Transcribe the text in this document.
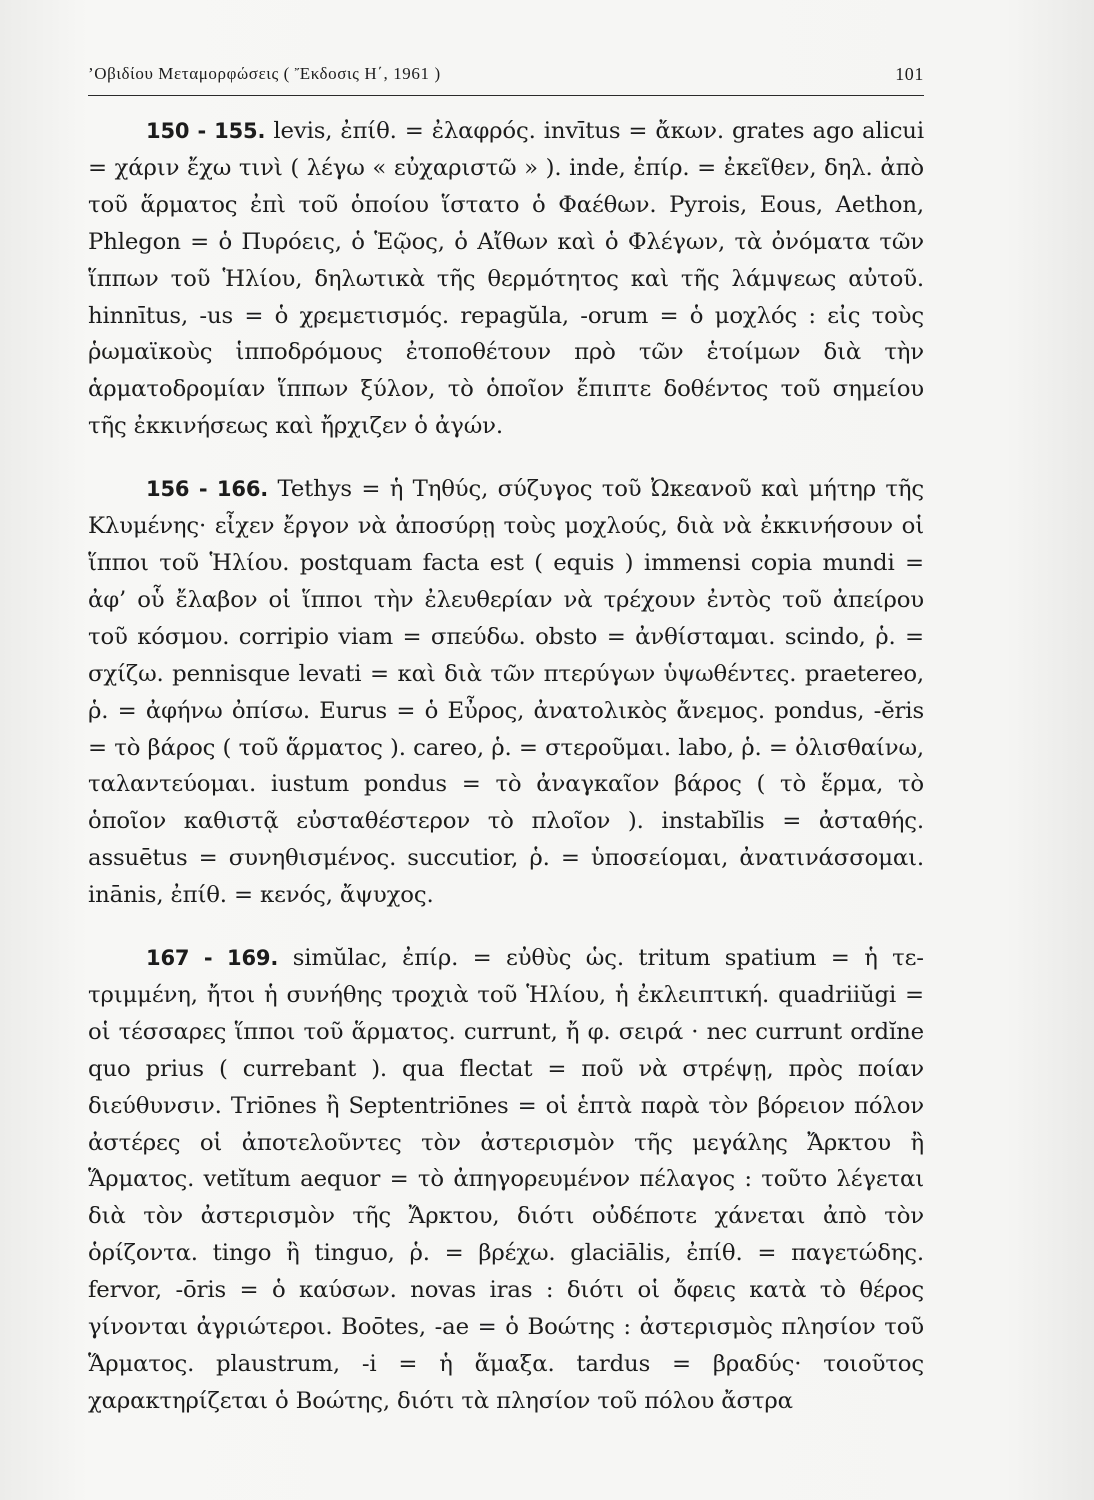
’Οβιδίου Μεταμορφώσεις ( Ἔκδοσις Η΄, 1961 )	101

150 - 155. levis, ἐπίθ. = ἐλαφρός. invītus = ἄκων. grates ago alicui = χάριν ἔχω τινὶ ( λέγω « εὐχαριστῶ » ). inde, ἐπίρ. = ἐκεῖθεν, δηλ. ἀπὸ τοῦ ἅρματος ἐπὶ τοῦ ὁποίου ἵστατο ὁ Φαέθων. Pyrois, Eous, Aethon, Phlegon = ὁ Πυρόεις, ὁ Ἑῷος, ὁ Αἴθων καὶ ὁ Φλέγων, τὰ ὀνόματα τῶν ἵππων τοῦ Ἡλίου, δηλωτικὰ τῆς θερμότητος καὶ τῆς λάμψεως αὐτοῦ. hinnītus, -us = ὁ χρεμετισμός. repagŭla, -orum = ὁ μοχλός : εἰς τοὺς ῥωμαϊκοὺς ἱπποδρόμους ἐτοποθέτουν πρὸ τῶν ἑτοίμων διὰ τὴν ἁρματοδρομίαν ἵππων ξύλον, τὸ ὁποῖον ἔπιπτε δοθέντος τοῦ σημείου τῆς ἐκκινήσεως καὶ ἤρχιζεν ὁ ἀγών.

156 - 166. Tethys = ἡ Τηθύς, σύζυγος τοῦ Ὠκεανοῦ καὶ μήτηρ τῆς Κλυμένης· εἶχεν ἔργον νὰ ἀποσύρῃ τοὺς μοχλούς, διὰ νὰ ἐκκινήσουν οἱ ἵπποι τοῦ Ἡλίου. postquam facta est ( equis ) immensi copia mundi = ἀφ’ οὗ ἔλαβον οἱ ἵπποι τὴν ἐλευθερίαν νὰ τρέχουν ἐντὸς τοῦ ἀπείρου τοῦ κόσμου. corripio viam = σπεύδω. obsto = ἀνθίσταμαι. scindo, ῥ. = σχίζω. pennisque levati = καὶ διὰ τῶν πτερύγων ὑψωθέντες. praetereo, ῥ. = ἀφήνω ὀπίσω. Eurus = ὁ Εὖρος, ἀνατολικὸς ἄνεμος. pondus, -ĕris = τὸ βάρος ( τοῦ ἅρματος ). careo, ῥ. = στεροῦμαι. labo, ῥ. = ὀλισθαίνω, ταλαντεύομαι. iustum pondus = τὸ ἀναγκαῖον βάρος ( τὸ ἕρμα, τὸ ὁποῖον καθιστᾷ εὐσταθέστερον τὸ πλοῖον ). instabĭlis = ἀσταθής. assuētus = συνηθισμένος. succutior, ῥ. = ὑποσείομαι, ἀνατινάσσομαι. inānis, ἐπίθ. = κενός, ἄψυχος.

167 - 169. simŭlac, ἐπίρ. = εὐθὺς ὡς. tritum spatium = ἡ τετριμμένη, ἤτοι ἡ συνήθης τροχιὰ τοῦ Ἡλίου, ἡ ἐκλειπτική. quadriiŭgi = οἱ τέσσαρες ἵπποι τοῦ ἅρματος. currunt, ἤ φ. σειρά · nec currunt ordĭne quo prius ( currebant ). qua flectat = ποῦ νὰ στρέψῃ, πρὸς ποίαν διεύθυνσιν. Triōnes ἢ Septentriōnes = οἱ ἑπτὰ παρὰ τὸν βόρειον πόλον ἀστέρες οἱ ἀποτελοῦντες τὸν ἀστερισμὸν τῆς μεγάλης Ἄρκτου ἢ Ἅρματος. vetĭtum aequor = τὸ ἀπηγορευμένον πέλαγος : τοῦτο λέγεται διὰ τὸν ἀστερισμὸν τῆς Ἄρκτου, διότι οὐδέποτε χάνεται ἀπὸ τὸν ὁρίζοντα. tingo ἢ tinguo, ῥ. = βρέχω. glaciālis, ἐπίθ. = παγετώδης. fervor, -ōris = ὁ καύσων. novas iras : διότι οἱ ὄφεις κατὰ τὸ θέρος γίνονται ἀγριώτεροι. Boōtes, -ae = ὁ Βοώτης : ἀστερισμὸς πλησίον τοῦ Ἅρματος. plaustrum, -i = ἡ ἅμαξα. tardus = βραδύς· τοιοῦτος χαρακτηρίζεται ὁ Βοώτης, διότι τὰ πλησίον τοῦ πόλου ἄστρα
